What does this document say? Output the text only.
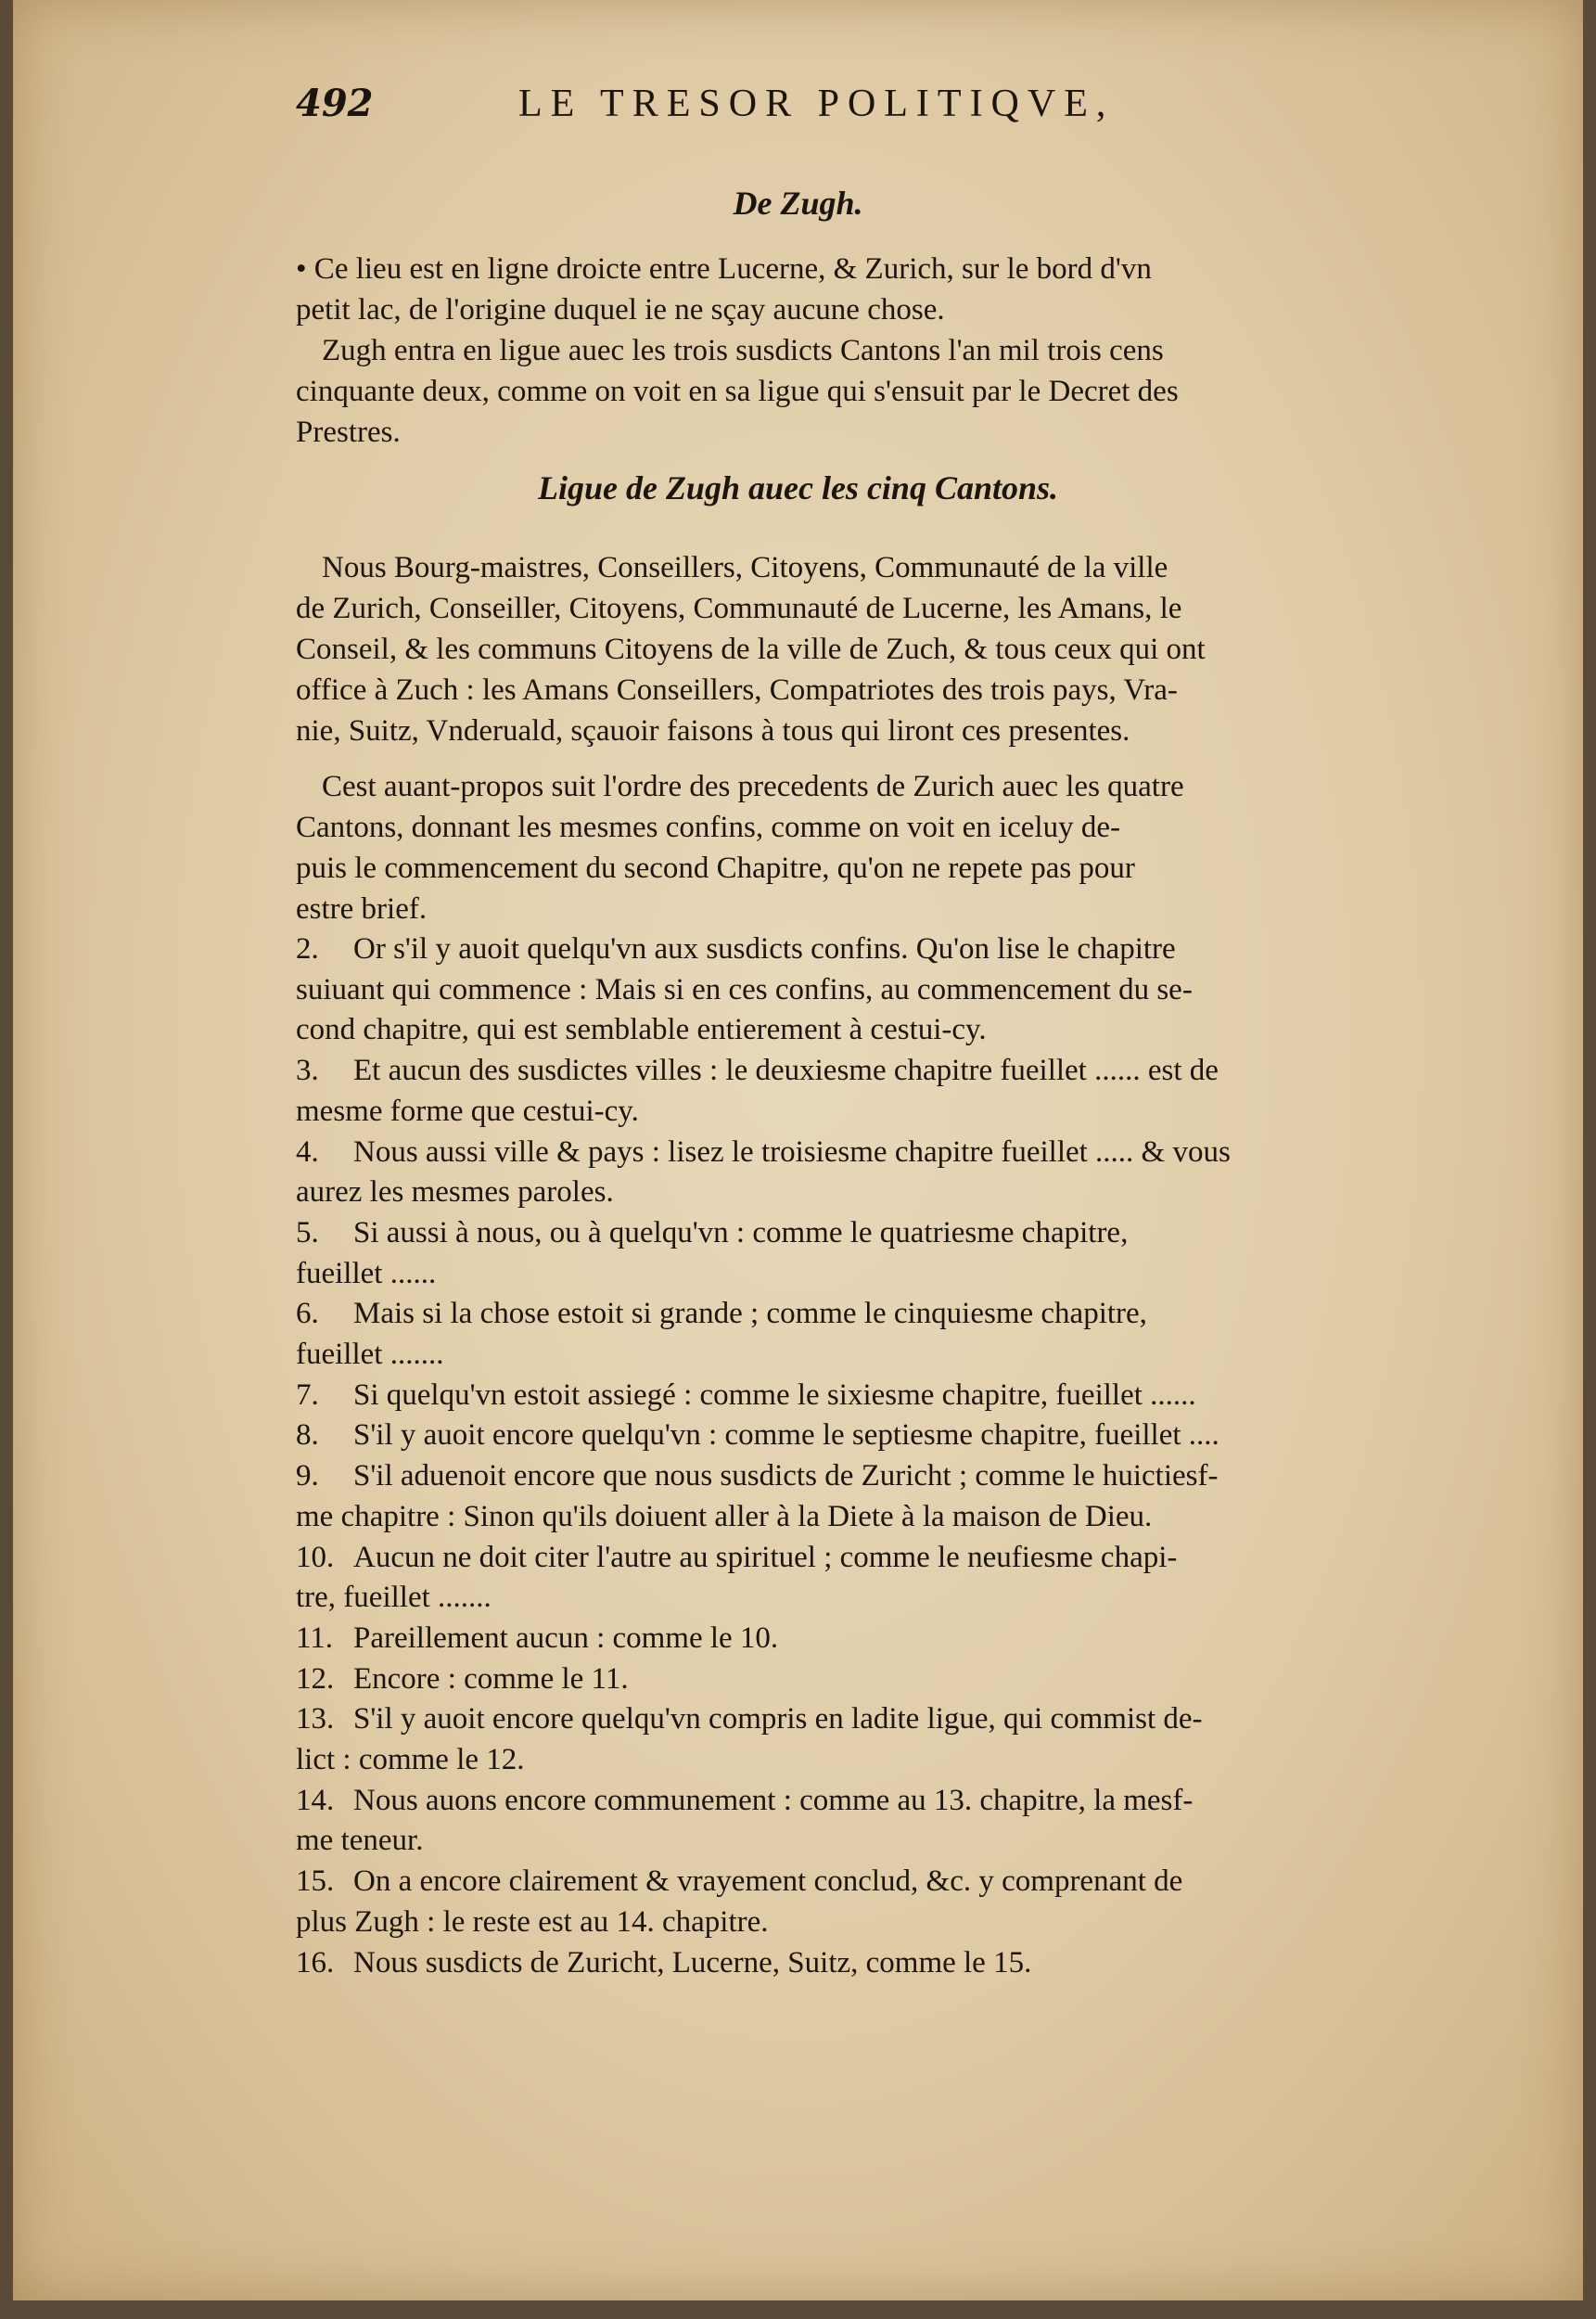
492	LE TRESOR POLITIQVE,
De Zugh.
• Ce lieu est en ligne droicte entre Lucerne, & Zurich, sur le bord d'vn
petit lac, de l'origine duquel ie ne sçay aucune chose.
Zugh entra en ligue auec les trois susdicts Cantons l'an mil trois cens
cinquante deux, comme on voit en sa ligue qui s'ensuit par le Decret des
Prestres.
Ligue de Zugh auec les cinq Cantons.
Nous Bourg-maistres, Conseillers, Citoyens, Communauté de la ville
de Zurich, Conseiller, Citoyens, Communauté de Lucerne, les Amans, le
Conseil, & les communs Citoyens de la ville de Zuch, & tous ceux qui ont
office à Zuch : les Amans Conseillers, Compatriotes des trois pays, Vra-
nie, Suitz, Vnderuald, sçauoir faisons à tous qui liront ces presentes.
Cest auant-propos suit l'ordre des precedents de Zurich auec les quatre
Cantons, donnant les mesmes confins, comme on voit en iceluy de-
puis le commencement du second Chapitre, qu'on ne repete pas pour
estre brief.
2. Or s'il y auoit quelqu'vn aux susdicts confins. Qu'on lise le chapitre
suiuant qui commence : Mais si en ces confins, au commencement du se-
cond chapitre, qui est semblable entierement à cestui-cy.
3. Et aucun des susdictes villes : le deuxiesme chapitre fueillet ...... est de
mesme forme que cestui-cy.
4. Nous aussi ville & pays : lisez le troisiesme chapitre fueillet ..... & vous
aurez les mesmes paroles.
5. Si aussi à nous, ou à quelqu'vn : comme le quatriesme chapitre,
fueillet ......
6. Mais si la chose estoit si grande ; comme le cinquiesme chapitre,
fueillet .......
7. Si quelqu'vn estoit assiegé : comme le sixiesme chapitre, fueillet ......
8. S'il y auoit encore quelqu'vn : comme le septiesme chapitre, fueillet ....
9. S'il aduenoit encore que nous susdicts de Zuricht ; comme le huictiesf-
me chapitre : Sinon qu'ils doiuent aller à la Diete à la maison de Dieu.
10. Aucun ne doit citer l'autre au spirituel ; comme le neufiesme chapi-
tre, fueillet .......
11. Pareillement aucun : comme le 10.
12. Encore : comme le 11.
13. S'il y auoit encore quelqu'vn compris en ladite ligue, qui commist de-
lict : comme le 12.
14. Nous auons encore communement : comme au 13. chapitre, la mesf-
me teneur.
15. On a encore clairement & vrayement conclud, &c. y comprenant de
plus Zugh : le reste est au 14. chapitre.
16. Nous susdicts de Zuricht, Lucerne, Suitz, comme le 15.
